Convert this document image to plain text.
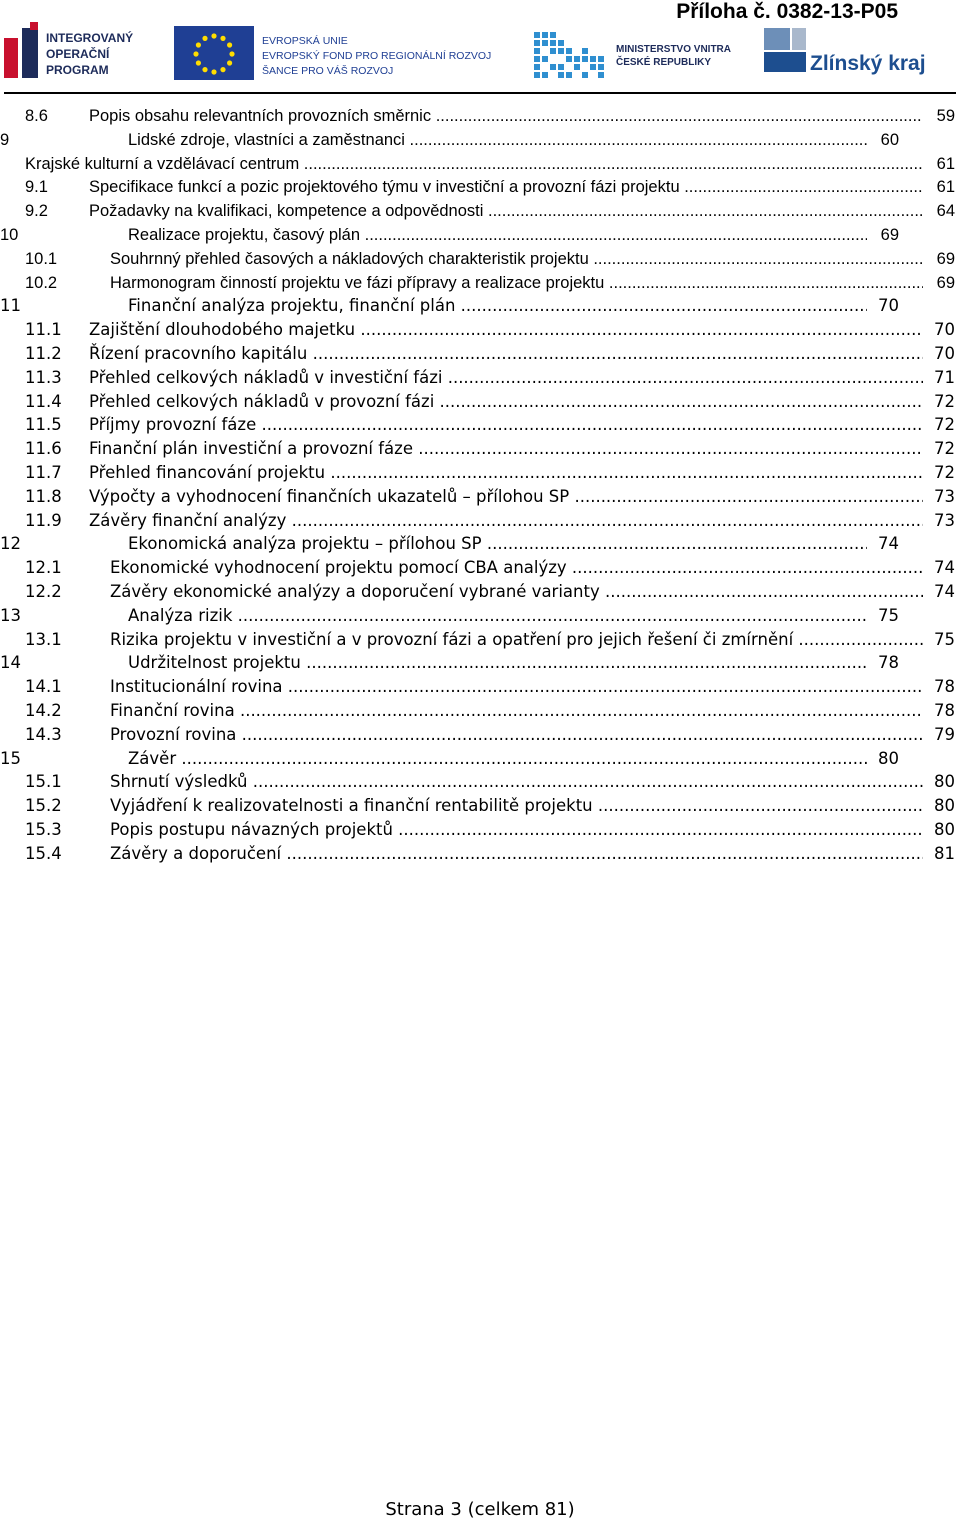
Příloha č. 0382-13-P05
INTEGROVANÝ
OPERAČNÍ
PROGRAM
EVROPSKÁ UNIE
EVROPSKÝ FOND PRO REGIONÁLNÍ ROZVOJ
ŠANCE PRO VÁŠ ROZVOJ
MINISTERSTVO VNITRA
ČESKÉ REPUBLIKY	Zlínský kraj
8.6 Popis obsahu relevantních provozních směrnic .....	59
9	Lidské zdroje, vlastníci a zaměstnanci .....	60
Krajské kulturní a vzdělávací centrum .....	61
9.1 Specifikace funkcí a pozic projektového týmu v investiční a provozní fázi projektu .....	61
9.2 Požadavky na kvalifikaci, kompetence a odpovědnosti .....	64
10	Realizace projektu, časový plán .....	69
10.1	Souhrnný přehled časových a nákladových charakteristik projektu .....	69
10.2	Harmonogram činností projektu ve fázi přípravy a realizace projektu .....	69
11	Finanční analýza projektu, finanční plán .....	70
11.1 Zajištění dlouhodobého majetku .....	70
11.2 Řízení pracovního kapitálu .....	70
11.3 Přehled celkových nákladů v investiční fázi .....	71
11.4 Přehled celkových nákladů v provozní fázi .....	72
11.5 Příjmy provozní fáze .....	72
11.6 Finanční plán investiční a provozní fáze .....	72
11.7 Přehled financování projektu .....	72
11.8 Výpočty a vyhodnocení finančních ukazatelů – přílohou SP .....	73
11.9 Závěry finanční analýzy .....	73
12	Ekonomická analýza projektu – přílohou SP .....	74
12.1	Ekonomické vyhodnocení projektu pomocí CBA analýzy .....	74
12.2	Závěry ekonomické analýzy a doporučení vybrané varianty .....	74
13	Analýza rizik .....	75
13.1	Rizika projektu v investiční a v provozní fázi a opatření pro jejich řešení či zmírnění .....	75
14	Udržitelnost projektu .....	78
14.1	Institucionální rovina .....	78
14.2	Finanční rovina .....	78
14.3	Provozní rovina .....	79
15	Závěr .....	80
15.1	Shrnutí výsledků .....	80
15.2	Vyjádření k realizovatelnosti a finanční rentabilitě projektu .....	80
15.3	Popis postupu návazných projektů .....	80
15.4	Závěry a doporučení .....	81
Strana 3 (celkem 81)
